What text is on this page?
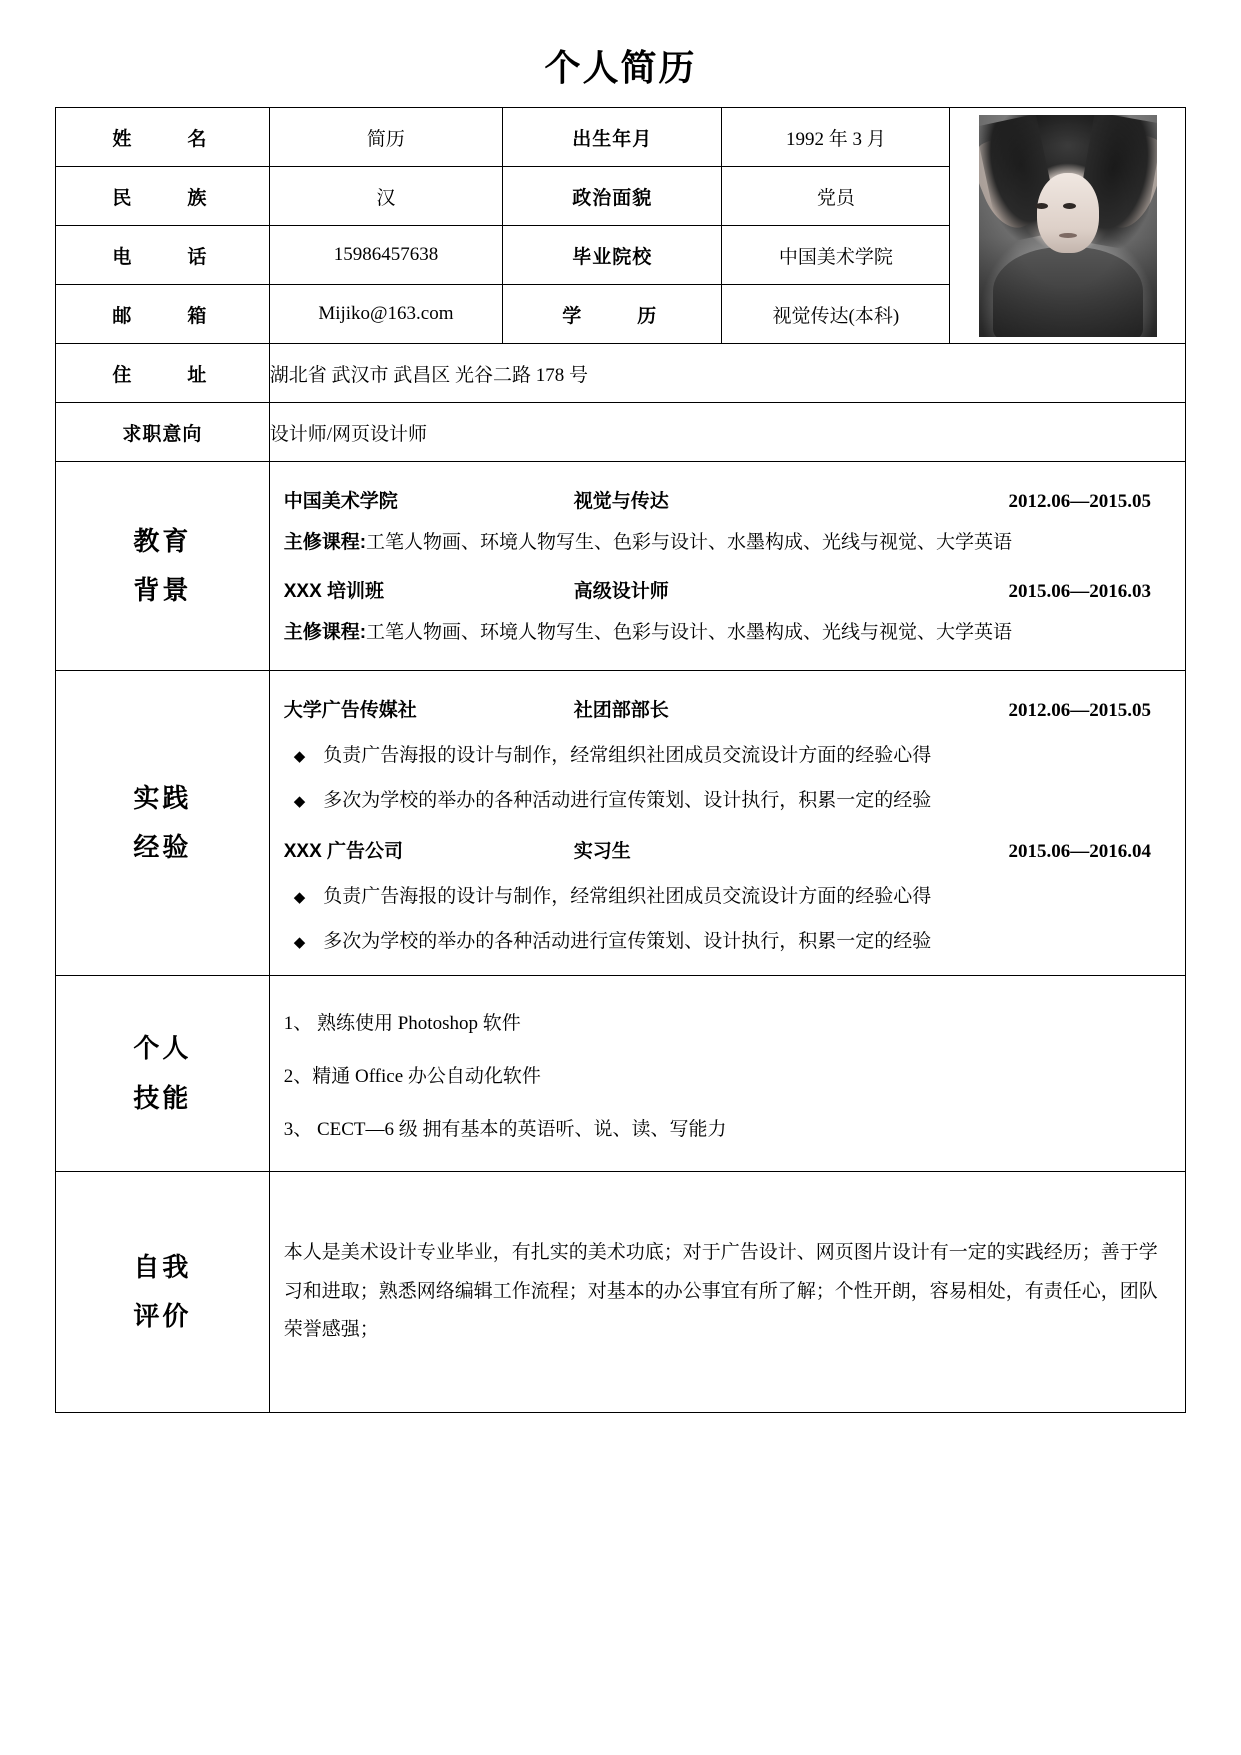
个人简历
姓　　名	简历	出生年月	1992 年 3 月	

民　　族	汉	政治面貌	党员	
电　　话	15986457638	毕业院校	中国美术学院	
邮　　箱	Mijiko@163.com	学　　历	视觉传达(本科)	
住　　址	湖北省 武汉市 武昌区 光谷二路 178 号			
求职意向	设计师/网页设计师			

教育
背景

中国美术学院	视觉与传达	2012.06—2015.05
主修课程:工笔人物画、环境人物写生、色彩与设计、水墨构成、光线与视觉、大学英语
XXX 培训班	高级设计师	2015.06—2016.03
主修课程:工笔人物画、环境人物写生、色彩与设计、水墨构成、光线与视觉、大学英语

实践
经验

大学广告传媒社	社团部部长	2012.06—2015.05
◆ 负责广告海报的设计与制作，经常组织社团成员交流设计方面的经验心得
◆ 多次为学校的举办的各种活动进行宣传策划、设计执行，积累一定的经验
XXX 广告公司	实习生	2015.06—2016.04
◆ 负责广告海报的设计与制作，经常组织社团成员交流设计方面的经验心得
◆ 多次为学校的举办的各种活动进行宣传策划、设计执行，积累一定的经验

个人
技能

1、 熟练使用 Photoshop 软件
2、精通 Office 办公自动化软件
3、 CECT—6 级 拥有基本的英语听、说、读、写能力

自我
评价	本人是美术设计专业毕业，有扎实的美术功底；对于广告设计、网页图片设计有一定的实践经历；善于学习和进取；熟悉网络编辑工作流程；对基本的办公事宜有所了解；个性开朗，容易相处，有责任心，团队荣誉感强；			
